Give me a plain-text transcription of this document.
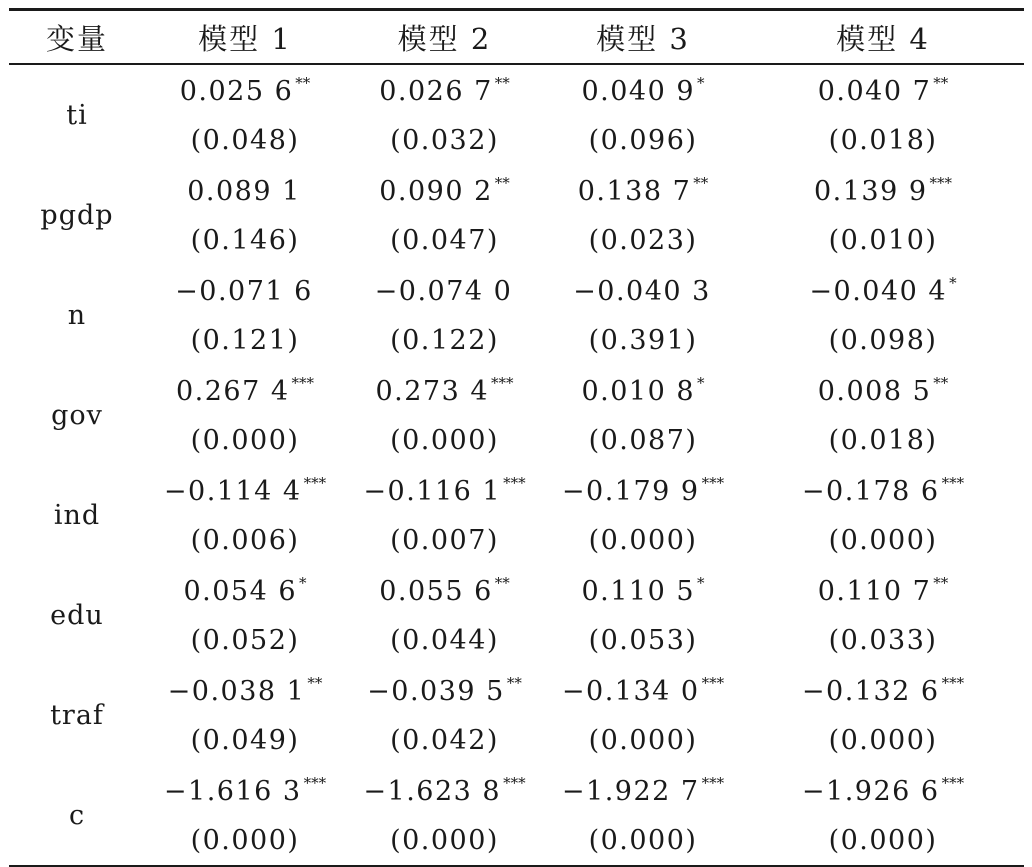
变量	模型 1	模型 2	模型 3	模型 4
ti	0.025 6 **	0.026 7 **	0.040 9 *	0.040 7 **
	(0.048)	(0.032)	(0.096)	(0.018)
pgdp	0.089 1	0.090 2 **	0.138 7 **	0.139 9 ***
	(0.146)	(0.047)	(0.023)	(0.010)
n	−0.071 6	−0.074 0	−0.040 3	−0.040 4 *
	(0.121)	(0.122)	(0.391)	(0.098)
gov	0.267 4 ***	0.273 4 ***	0.010 8 *	0.008 5 **
	(0.000)	(0.000)	(0.087)	(0.018)
ind	−0.114 4 ***	−0.116 1 ***	−0.179 9 ***	−0.178 6 ***
	(0.006)	(0.007)	(0.000)	(0.000)
edu	0.054 6 *	0.055 6 **	0.110 5 *	0.110 7 **
	(0.052)	(0.044)	(0.053)	(0.033)
traf	−0.038 1 **	−0.039 5 **	−0.134 0 ***	−0.132 6 ***
	(0.049)	(0.042)	(0.000)	(0.000)
c	−1.616 3 ***	−1.623 8 ***	−1.922 7 ***	−1.926 6 ***
	(0.000)	(0.000)	(0.000)	(0.000)
